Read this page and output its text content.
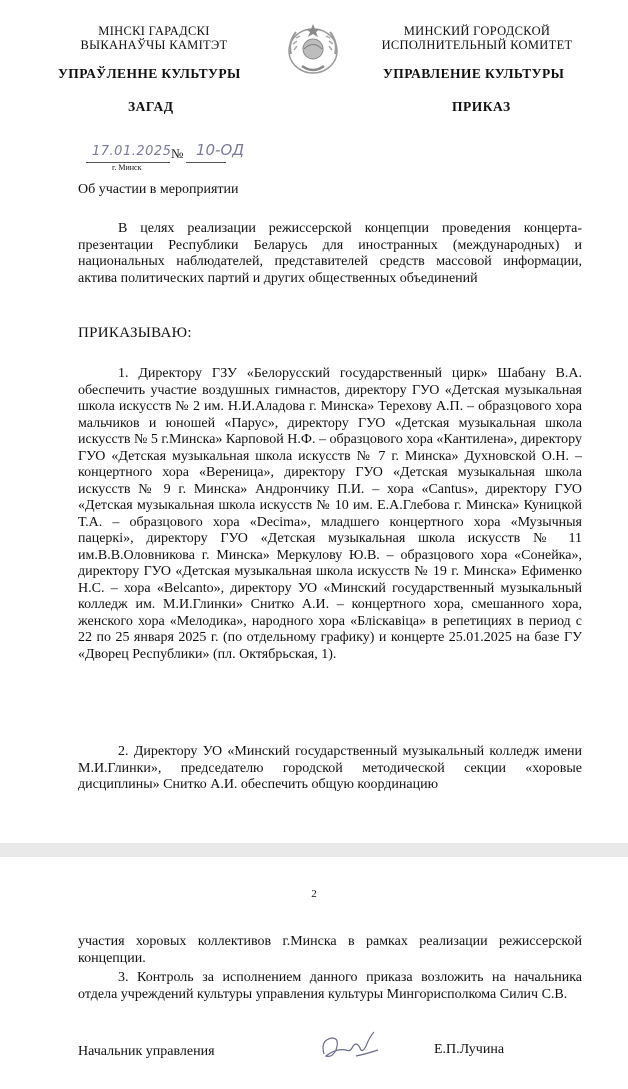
МІНСКІ ГАРАДСКІ
ВЫКАНАЎЧЫ КАМІТЭТ
МИНСКИЙ ГОРОДСКОЙ
ИСПОЛНИТЕЛЬНЫЙ КОМИТЕТ
УПРАЎЛЕННЕ КУЛЬТУРЫ	УПРАВЛЕНИЕ КУЛЬТУРЫ
ЗАГАД	ПРИКАЗ
17.01.2025 № 10-ОД
г. Минск
Об участии в мероприятии
В целях реализации режиссерской концепции проведения концерта-презентации Республики Беларусь для иностранных (международных) и национальных наблюдателей, представителей средств массовой информации, актива политических партий и других общественных объединений
ПРИКАЗЫВАЮ:
1. Директору ГЗУ «Белорусский государственный цирк» Шабану В.А. обеспечить участие воздушных гимнастов, директору ГУО «Детская музыкальная школа искусств № 2 им. Н.И.Аладова г. Минска» Терехову А.П. – образцового хора мальчиков и юношей «Парус», директору ГУО «Детская музыкальная школа искусств № 5 г.Минска» Карповой Н.Ф. – образцового хора «Кантилена», директору ГУО «Детская музыкальная школа искусств № 7 г. Минска» Духновской О.Н. – концертного хора «Вереница», директору ГУО «Детская музыкальная школа искусств № 9 г. Минска» Андрончику П.И. – хора «Cantus», директору ГУО «Детская музыкальная школа искусств № 10 им. Е.А.Глебова г. Минска» Куницкой Т.А. – образцового хора «Decima», младшего концертного хора «Музычныя пацеркі», директору ГУО «Детская музыкальная школа искусств № 11 им.В.В.Оловникова г. Минска» Меркулову Ю.В. – образцового хора «Сонейка», директору ГУО «Детская музыкальная школа искусств № 19 г. Минска» Ефименко Н.С. – хора «Belcanto», директору УО «Минский государственный музыкальный колледж им. М.И.Глинки» Снитко А.И. – концертного хора, смешанного хора, женского хора «Мелодика», народного хора «Бліскавіца» в репетициях в период с 22 по 25 января 2025 г. (по отдельному графику) и концерте 25.01.2025 на базе ГУ «Дворец Республики» (пл. Октябрьская, 1).
2. Директору УО «Минский государственный музыкальный колледж имени М.И.Глинки», председателю городской методической секции «хоровые дисциплины» Снитко А.И. обеспечить общую координацию
2
участия хоровых коллективов г.Минска в рамках реализации режиссерской концепции.
3. Контроль за исполнением данного приказа возложить на начальника отдела учреждений культуры управления культуры Мингорисполкома Силич С.В.
Начальник управления	Е.П.Лучина
